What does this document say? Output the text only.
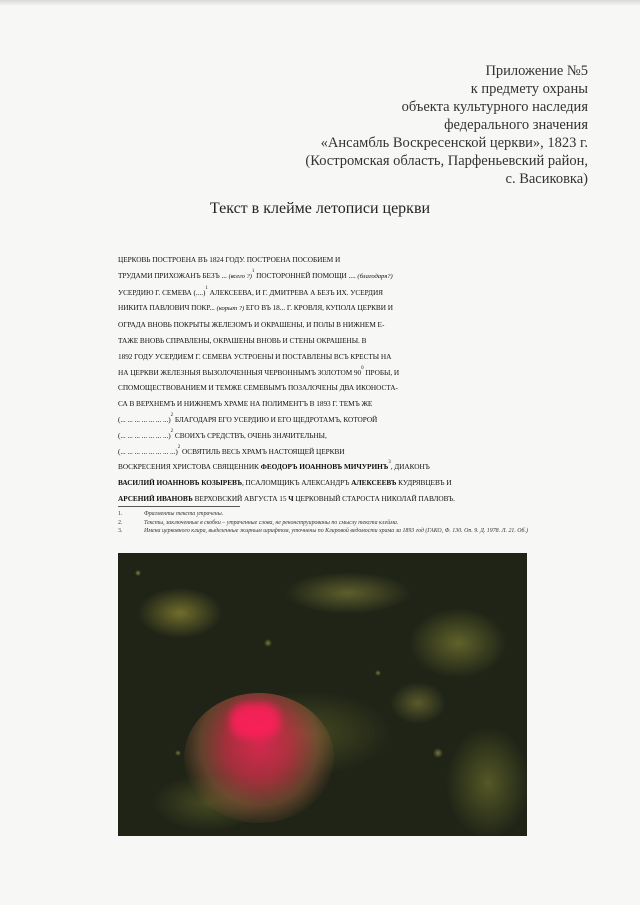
Приложение №5
к предмету охраны
объекта культурного наследия
федерального значения
«Ансамбль Воскресенской церкви», 1823 г.
(Костромская область, Парфеньевский район,
с. Васиковка)
Текст в клейме летописи церкви
ЦЕРКОВЬ ПОСТРОЕНА ВЪ 1824 ГОДУ. ПОСТРОЕНА ПОСОБИЕМ И
ТРУДАМИ ПРИХОЖАНЪ БЕЗЪ ... (всего ?)$^1$ ПОСТОРОННЕЙ ПОМОЩИ .... (благодаря?)
УСЕРДИЮ Г. СЕМЕВА (....)$^1$ АЛЕКСЕЕВА, И Г. ДМИТРЕВА А БЕЗЪ ИХ. УСЕРДИЯ
НИКИТА ПАВЛОВИЧ ПОКР... (корыт ?) ЕГО ВЪ 18... Г. КРОВЛЯ, КУПОЛА ЦЕРКВИ И
ОГРАДА ВНОВЬ ПОКРЫТЫ ЖЕЛЕЗОМЪ И ОКРАШЕНЫ, И ПОЛЫ В НИЖНЕМ Е-
ТАЖЕ ВНОВЬ СПРАВЛЕНЫ, ОКРАШЕНЫ ВНОВЬ И СТЕНЫ ОКРАШЕНЫ. В
1892 ГОДУ УСЕРДИЕМ Г. СЕМЕВА УСТРОЕНЫ И ПОСТАВЛЕНЫ ВСЪ КРЕСТЫ НА
НА ЦЕРКВИ ЖЕЛЕЗНЫЯ ВЫЗОЛОЧЕННЫЯ ЧЕРВОННЫМЪ ЗОЛОТОМ $90^0$ ПРОБЫ, И
СПОМОЩЕСТВОВАНИЕМ И ТЕМЖЕ СЕМЕВЫМЪ ПОЗАЛОЧЕНЫ ДВА ИКОНОСТА-
СА В ВЕРХНЕМЪ И НИЖНЕМЪ ХРАМЕ НА ПОЛИМЕНТЪ В 1893 Г. ТЕМЪ ЖЕ
(... ... ... ... ... ... ...)$^2$ БЛАГОДАРЯ ЕГО УСЕРДИЮ И ЕГО ЩЕДРОТАМЪ, КОТОРОЙ
(... ... ... ... ... ... ...)$^2$ СВОИХЪ СРЕДСТВЪ, ОЧЕНЬ ЗНАЧИТЕЛЬНЫ,
(... ... ... ... ... ... ... ...)$^2$ ОСВЯТИЛЬ ВЕСЬ ХРАМЪ НАСТОЯЩЕЙ ЦЕРКВИ
ВОСКРЕСЕНИЯ ХРИСТОВА СВЯЩЕННИК ФЕОДОРЪ ИОАННОВЪ МИЧУРИНЪ$^3$, ДИАКОНЪ
ВАСИЛИЙ ИОАННОВЪ КОЗЫРЕВЪ, ПСАЛОМЩИКЪ АЛЕКСАНДРЪ АЛЕКСЕЕВЪ КУДРЯВЦЕВЪ И
АРСЕНИЙ ИВАНОВЪ ВЕРХОВСКИЙ АВГУСТА 15 Ч ЦЕРКОВНЫЙ СТАРОСТА НИКОЛАЙ ПАВЛОВЪ.
1.	Фрагменты текста утрачены.
2.	Тексты, заключенные в скобки – утраченные слова, не реконструированы по смыслу текста клейма.
3.	Имена церковного клира, выделенные жирным шрифтом, уточнены по Клировой ведомости храма за 1893 год (ГАКО, Ф. 130. Оп. 9. Д. 1978. Л. 21. Об.)
